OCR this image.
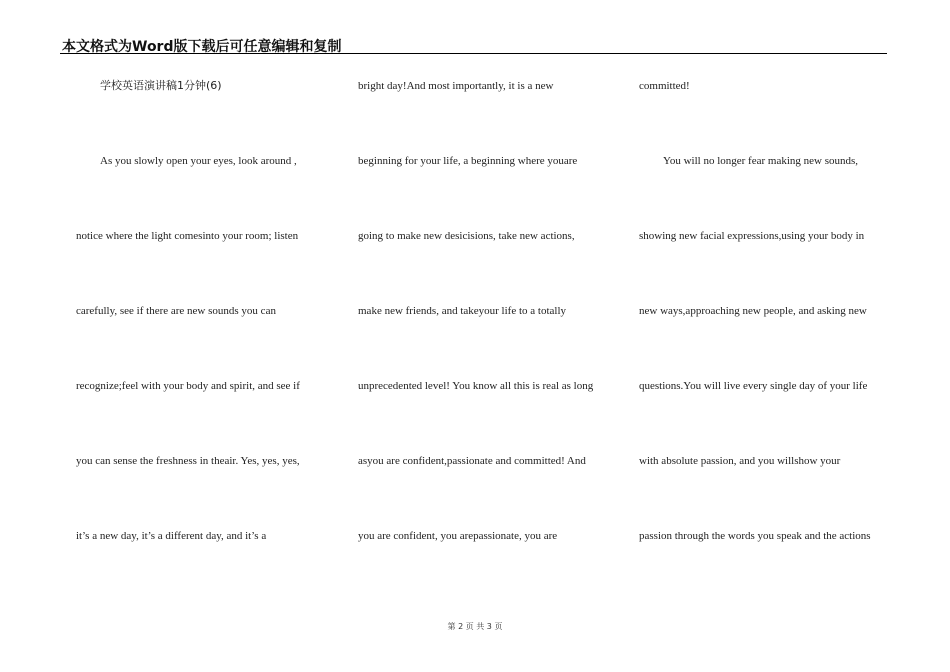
本文格式为Word版下载后可任意编辑和复制
学校英语演讲稿1分钟(6)
As you slowly open your eyes, look around ,
notice where the light comesinto your room; listen
carefully, see if there are new sounds you can
recognize;feel with your body and spirit, and see if
you can sense the freshness in theair. Yes, yes, yes,
it’s a new day, it’s a different day, and it’s a
bright day!And most importantly, it is a new
beginning for your life, a beginning where youare
going to make new desicisions, take new actions,
make new friends, and takeyour life to a totally
unprecedented level! You know all this is real as long
asyou are confident,passionate and committed! And
you are confident, you arepassionate, you are
committed!
You will no longer fear making new sounds,
showing new facial expressions,using your body in
new ways,approaching new people, and asking new
questions.You will live every single day of your life
with absolute passion, and you willshow your
passion through the words you speak and the actions
第 2 页 共 3 页
